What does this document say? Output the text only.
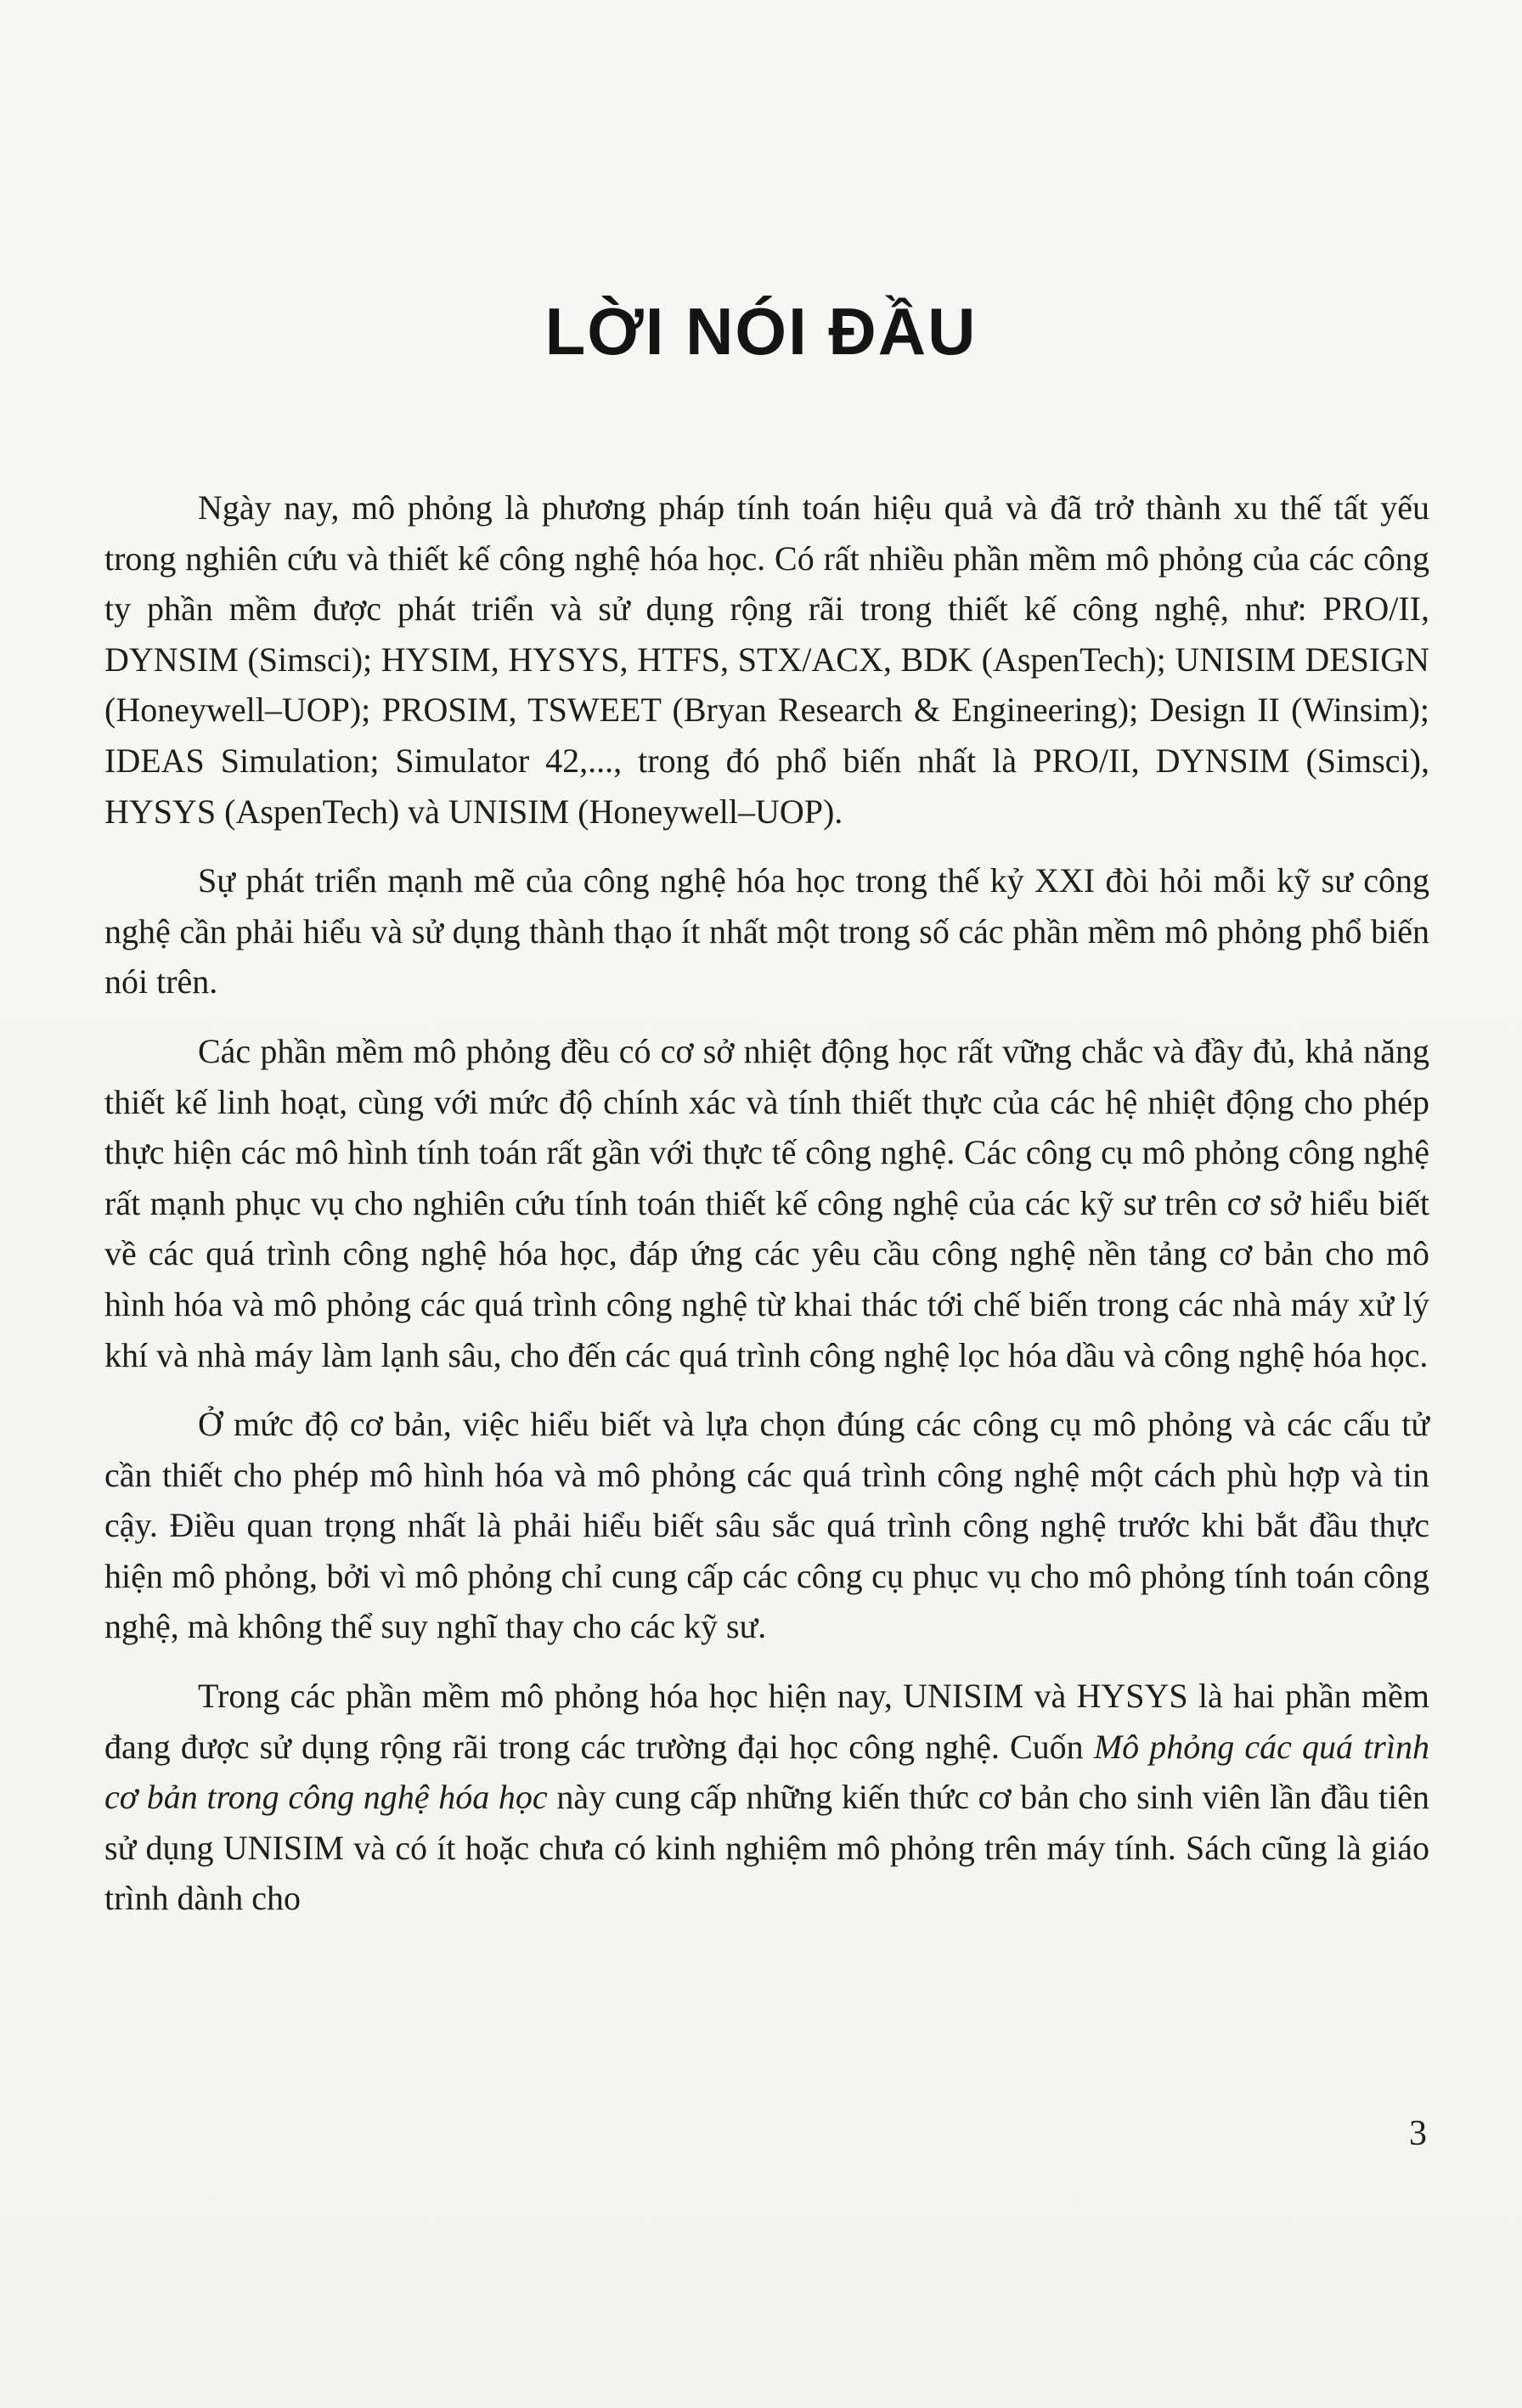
LỜI NÓI ĐẦU

Ngày nay, mô phỏng là phương pháp tính toán hiệu quả và đã trở thành xu thế tất yếu trong nghiên cứu và thiết kế công nghệ hóa học. Có rất nhiều phần mềm mô phỏng của các công ty phần mềm được phát triển và sử dụng rộng rãi trong thiết kế công nghệ, như: PRO/II, DYNSIM (Simsci); HYSIM, HYSYS, HTFS, STX/ACX, BDK (AspenTech); UNISIM DESIGN (Honeywell–UOP); PROSIM, TSWEET (Bryan Research & Engineering); Design II (Winsim); IDEAS Simulation; Simulator 42,..., trong đó phổ biến nhất là PRO/II, DYNSIM (Simsci), HYSYS (AspenTech) và UNISIM (Honeywell–UOP).

Sự phát triển mạnh mẽ của công nghệ hóa học trong thế kỷ XXI đòi hỏi mỗi kỹ sư công nghệ cần phải hiểu và sử dụng thành thạo ít nhất một trong số các phần mềm mô phỏng phổ biến nói trên.

Các phần mềm mô phỏng đều có cơ sở nhiệt động học rất vững chắc và đầy đủ, khả năng thiết kế linh hoạt, cùng với mức độ chính xác và tính thiết thực của các hệ nhiệt động cho phép thực hiện các mô hình tính toán rất gần với thực tế công nghệ. Các công cụ mô phỏng công nghệ rất mạnh phục vụ cho nghiên cứu tính toán thiết kế công nghệ của các kỹ sư trên cơ sở hiểu biết về các quá trình công nghệ hóa học, đáp ứng các yêu cầu công nghệ nền tảng cơ bản cho mô hình hóa và mô phỏng các quá trình công nghệ từ khai thác tới chế biến trong các nhà máy xử lý khí và nhà máy làm lạnh sâu, cho đến các quá trình công nghệ lọc hóa dầu và công nghệ hóa học.

Ở mức độ cơ bản, việc hiểu biết và lựa chọn đúng các công cụ mô phỏng và các cấu tử cần thiết cho phép mô hình hóa và mô phỏng các quá trình công nghệ một cách phù hợp và tin cậy. Điều quan trọng nhất là phải hiểu biết sâu sắc quá trình công nghệ trước khi bắt đầu thực hiện mô phỏng, bởi vì mô phỏng chỉ cung cấp các công cụ phục vụ cho mô phỏng tính toán công nghệ, mà không thể suy nghĩ thay cho các kỹ sư.

Trong các phần mềm mô phỏng hóa học hiện nay, UNISIM và HYSYS là hai phần mềm đang được sử dụng rộng rãi trong các trường đại học công nghệ. Cuốn Mô phỏng các quá trình cơ bản trong công nghệ hóa học này cung cấp những kiến thức cơ bản cho sinh viên lần đầu tiên sử dụng UNISIM và có ít hoặc chưa có kinh nghiệm mô phỏng trên máy tính. Sách cũng là giáo trình dành cho

3
